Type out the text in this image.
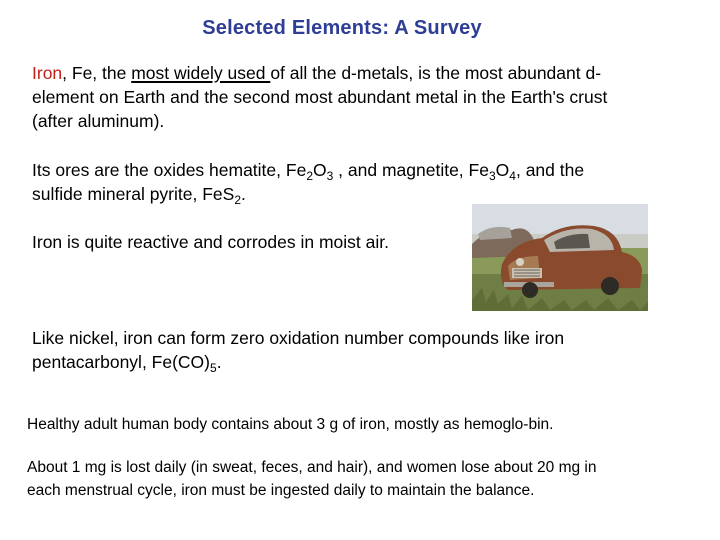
Selected Elements: A Survey

Iron, Fe, the most widely used of all the d-metals, is the most abundant d-
element on Earth and the second most abundant metal in the Earth's crust
(after aluminum).

Its ores are the oxides hematite, $Fe_2O_3$ , and magnetite, $Fe_3O_4$, and the
sulfide mineral pyrite, FeS$_2$.

Iron is quite reactive and corrodes in moist air.

Like nickel, iron can form zero oxidation number compounds like iron
pentacarbonyl, $Fe(CO)_5$.

Healthy adult human body contains about 3 g of iron, mostly as hemoglo-bin.

About 1 mg is lost daily (in sweat, feces, and hair), and women lose about 20 mg in
each menstrual cycle, iron must be ingested daily to maintain the balance.
